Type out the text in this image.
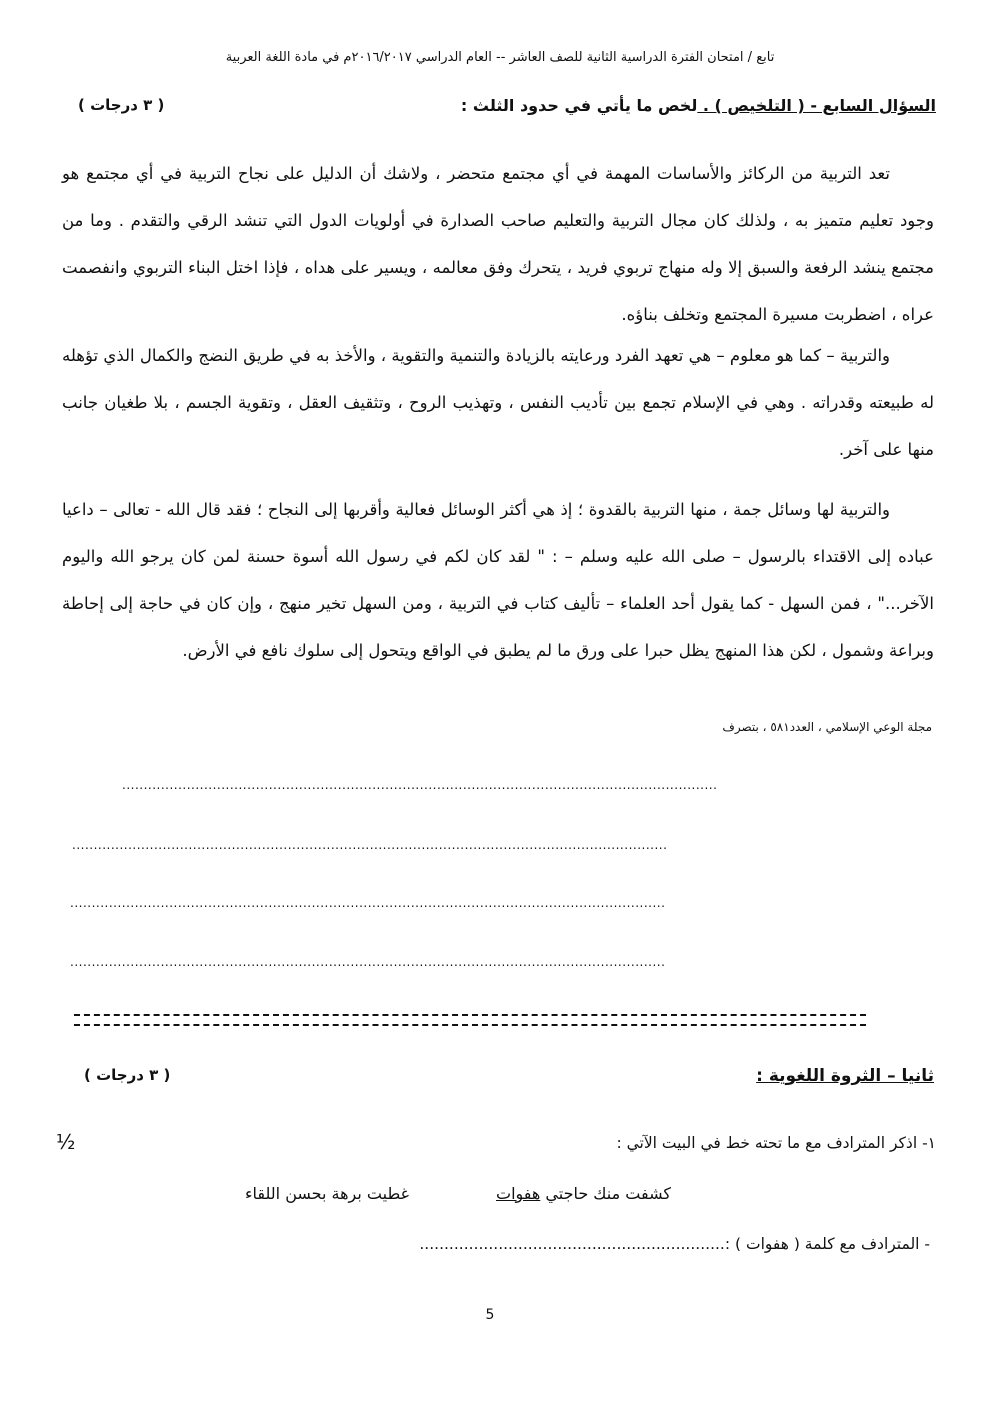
تابع / امتحان الفترة الدراسية الثانية للصف العاشر -- العام الدراسي ٢٠١٦/٢٠١٧م في مادة اللغة العربية
السؤال السابع - ( التلخيص ) . لخص ما يأتي في حدود الثلث :
( ٣ درجات )
تعد التربية من الركائز والأساسات المهمة في أي مجتمع متحضر ، ولاشك أن الدليل على نجاح التربية في أي مجتمع هو وجود تعليم متميز به ، ولذلك كان مجال التربية والتعليم صاحب الصدارة في أولويات الدول التي تنشد الرقي والتقدم . وما من مجتمع ينشد الرفعة والسبق إلا وله منهاج تربوي فريد ، يتحرك وفق معالمه ، ويسير على هداه ، فإذا اختل البناء التربوي وانفصمت عراه ، اضطربت مسيرة المجتمع وتخلف بناؤه.
والتربية – كما هو معلوم – هي تعهد الفرد ورعايته بالزيادة والتنمية والتقوية ، والأخذ به في طريق النضج والكمال الذي تؤهله له طبيعته وقدراته . وهي في الإسلام تجمع بين تأديب النفس ، وتهذيب الروح ، وتثقيف العقل ، وتقوية الجسم ، بلا طغيان جانب منها على آخر.
والتربية لها وسائل جمة ، منها التربية بالقدوة ؛ إذ هي أكثر الوسائل فعالية وأقربها إلى النجاح ؛ فقد قال الله - تعالى – داعيا عباده إلى الاقتداء بالرسول – صلى الله عليه وسلم – : " لقد كان لكم في رسول الله أسوة حسنة لمن كان يرجو الله واليوم الآخر..." ، فمن السهل - كما يقول أحد العلماء – تأليف كتاب في التربية ، ومن السهل تخير منهج ، وإن كان في حاجة إلى إحاطة وبراعة وشمول ، لكن هذا المنهج يظل حبرا على ورق ما لم يطبق في الواقع ويتحول إلى سلوك نافع في الأرض.
مجلة الوعي الإسلامي ، العدد٥٨١ ، بتصرف
..........................................................................................................................................
..........................................................................................................................................
..........................................................................................................................................
..........................................................................................................................................
ثانيا – الثروة اللغوية :
( ٣ درجات )
½	١- اذكر المترادف مع ما تحته خط في البيت الآتي :
كشفت منك حاجتي هفوات
غطيت برهة بحسن اللقاء
- المترادف مع كلمة ( هفوات ) :..............................................................
5
